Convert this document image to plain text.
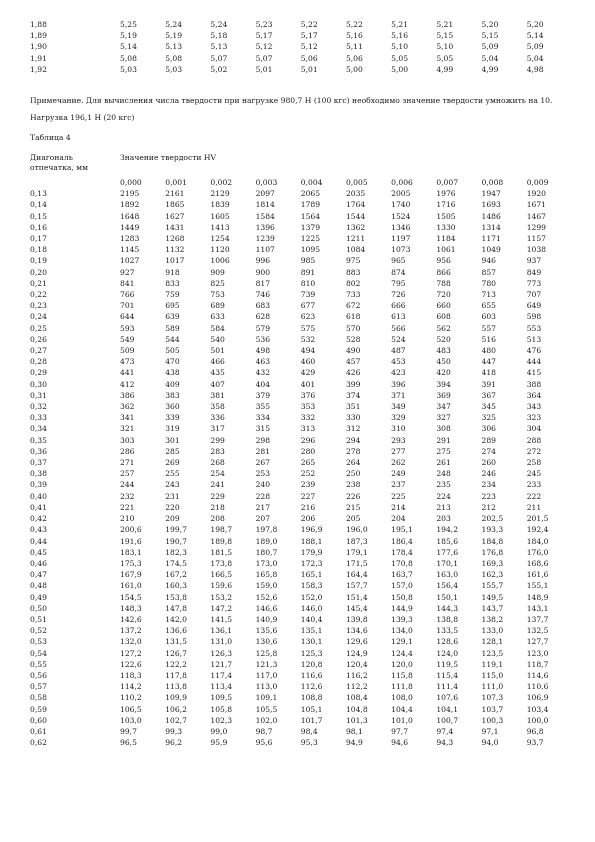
1,88	5,25	5,24	5,24	5,23	5,22	5,22	5,21	5,21	5,20	5,20
1,89	5,19	5,19	5,18	5,17	5,17	5,16	5,16	5,15	5,15	5,14
1,90	5,14	5,13	5,13	5,12	5,12	5,11	5,10	5,10	5,09	5,09
1,91	5,08	5,08	5,07	5,07	5,06	5,06	5,05	5,05	5,04	5,04
1,92	5,03	5,03	5,02	5,01	5,01	5,00	5,00	4,99	4,99	4,98
Примечание. Для вычисления числа твердости при нагрузке 980,7 Н (100 кгс) необходимо значение твердости умножить на 10.
Нагрузка 196,1 Н (20 кгс)
Таблица 4
Диагональ отпечатка, мм
Значение твердости HV
	0,000	0,001	0,002	0,003	0,004	0,005	0,006	0,007	0,008	0,009
0,13	2195	2161	2129	2097	2065	2035	2005	1976	1947	1920
0,14	1892	1865	1839	1814	1789	1764	1740	1716	1693	1671
0,15	1648	1627	1605	1584	1564	1544	1524	1505	1486	1467
0,16	1449	1431	1413	1396	1379	1362	1346	1330	1314	1299
0,17	1283	1268	1254	1239	1225	1211	1197	1184	1171	1157
0,18	1145	1132	1120	1107	1095	1084	1073	1061	1049	1038
0,19	1027	1017	1006	996	985	975	965	956	946	937
0,20	927	918	909	900	891	883	874	866	857	849
0,21	841	833	825	817	810	802	795	788	780	773
0,22	766	759	753	746	739	733	726	720	713	707
0,23	701	695	689	683	677	672	666	660	655	649
0,24	644	639	633	628	623	618	613	608	603	598
0,25	593	589	584	579	575	570	566	562	557	553
0,26	549	544	540	536	532	528	524	520	516	513
0,27	509	505	501	498	494	490	487	483	480	476
0,28	473	470	466	463	460	457	453	450	447	444
0,29	441	438	435	432	429	426	423	420	418	415
0,30	412	409	407	404	401	399	396	394	391	388
0,31	386	383	381	379	376	374	371	369	367	364
0,32	362	360	358	355	353	351	349	347	345	343
0,33	341	339	336	334	332	330	329	327	325	323
0,34	321	319	317	315	313	312	310	308	306	304
0,35	303	301	299	298	296	294	293	291	289	288
0,36	286	285	283	281	280	278	277	275	274	272
0,37	271	269	268	267	265	264	262	261	260	258
0,38	257	255	254	253	252	250	249	248	246	245
0,39	244	243	241	240	239	238	237	235	234	233
0,40	232	231	229	228	227	226	225	224	223	222
0,41	221	220	218	217	216	215	214	213	212	211
0,42	210	209	208	207	206	205	204	203	202,5	201,5
0,43	200,6	199,7	198,7	197,8	196,9	196,0	195,1	194,2	193,3	192,4
0,44	191,6	190,7	189,8	189,0	188,1	187,3	186,4	185,6	184,8	184,0
0,45	183,1	182,3	181,5	180,7	179,9	179,1	178,4	177,6	176,8	176,0
0,46	175,3	174,5	173,8	173,0	172,3	171,5	170,8	170,1	169,3	168,6
0,47	167,9	167,2	166,5	165,8	165,1	164,4	163,7	163,0	162,3	161,6
0,48	161,0	160,3	159,6	159,0	158,3	157,7	157,0	156,4	155,7	155,1
0,49	154,5	153,8	153,2	152,6	152,0	151,4	150,8	150,1	149,5	148,9
0,50	148,3	147,8	147,2	146,6	146,0	145,4	144,9	144,3	143,7	143,1
0,51	142,6	142,0	141,5	140,9	140,4	139,8	139,3	138,8	138,2	137,7
0,52	137,2	136,6	136,1	135,6	135,1	134,6	134,0	133,5	133,0	132,5
0,53	132,0	131,5	131,0	130,6	130,1	129,6	129,1	128,6	128,1	127,7
0,54	127,2	126,7	126,3	125,8	125,3	124,9	124,4	124,0	123,5	123,0
0,55	122,6	122,2	121,7	121,3	120,8	120,4	120,0	119,5	119,1	118,7
0,56	118,3	117,8	117,4	117,0	116,6	116,2	115,8	115,4	115,0	114,6
0,57	114,2	113,8	113,4	113,0	112,6	112,2	111,8	111,4	111,0	110,6
0,58	110,2	109,9	109,5	109,1	108,8	108,4	108,0	107,6	107,3	106,9
0,59	106,5	106,2	105,8	105,5	105,1	104,8	104,4	104,1	103,7	103,4
0,60	103,0	102,7	102,3	102,0	101,7	101,3	101,0	100,7	100,3	100,0
0,61	99,7	99,3	99,0	98,7	98,4	98,1	97,7	97,4	97,1	96,8
0,62	96,5	96,2	95,9	95,6	95,3	94,9	94,6	94,3	94,0	93,7
